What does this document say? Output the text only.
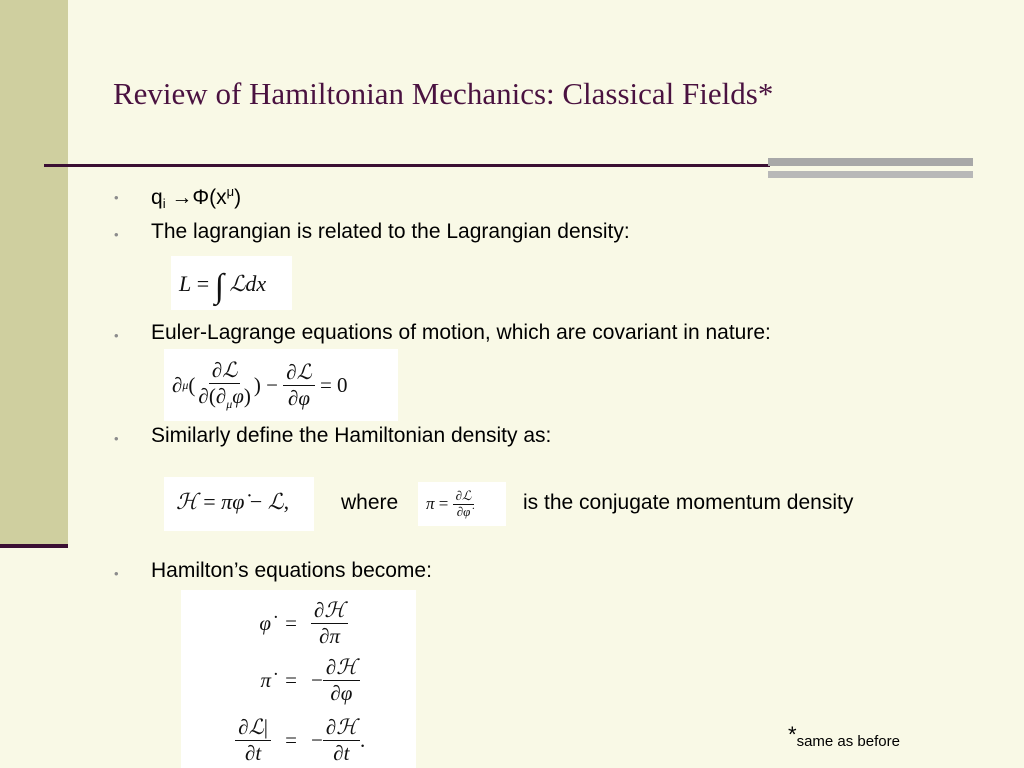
Review of Hamiltonian Mechanics: Classical Fields*
• $q_i \to\Phi(x^\mu)$
• The lagrangian is related to the Lagrangian density:
L = ∫ ℒdx
• Euler-Lagrange equations of motion, which are covariant in nature:
∂ μ ( $\frac{\text{∂ℒ}}{\partial(\partial_\mu\varphi)}$ ) − $\frac{\text{∂ℒ}}{\partial\varphi} = 0$
• Similarly define the Hamiltonian density as:
ℋ = πφ̇ − ℒ, where $\pi = \frac{\text{∂ℒ}}{\partial\varphi̇}$ is the conjugate momentum density
• Hamilton’s equations become:
φ̇ = $\frac{\text{∂ℋ}}{\partial\pi}$
π̇ = − $\frac{\text{∂ℋ}}{\partial\varphi}$
$\frac{\text{∂ℒ|}}{\partial t}$ = − $\frac{\text{∂ℋ}}{\partial t}$ .	*same as before
